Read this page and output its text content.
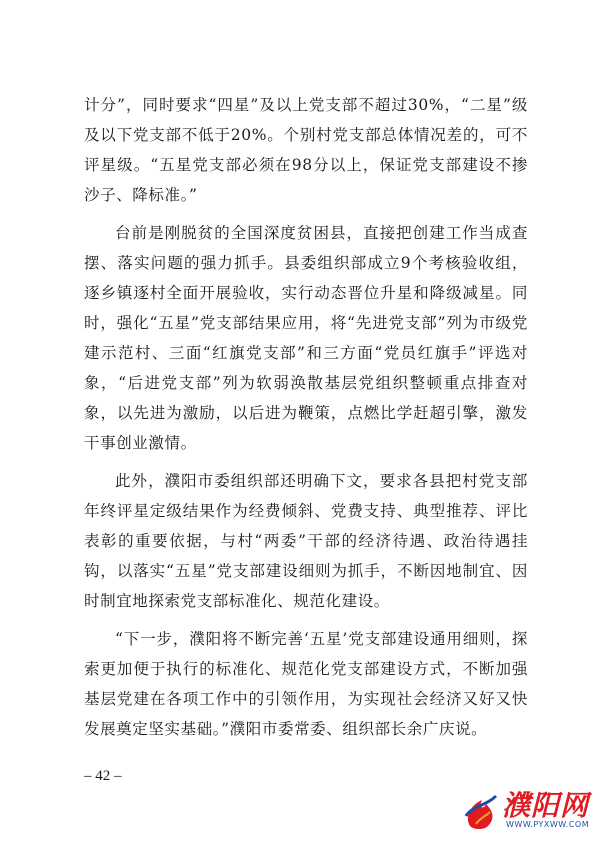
计分”，同时要求“四星”及以上党支部不超过30%，“二星”级及以下党支部不低于20%。个别村党支部总体情况差的，可不评星级。“五星党支部必须在98分以上，保证党支部建设不掺沙子、降标准。”

台前是刚脱贫的全国深度贫困县，直接把创建工作当成查摆、落实问题的强力抓手。县委组织部成立9个考核验收组，逐乡镇逐村全面开展验收，实行动态晋位升星和降级减星。同时，强化“五星”党支部结果应用，将“先进党支部”列为市级党建示范村、三面“红旗党支部”和三方面“党员红旗手”评选对象，“后进党支部”列为软弱涣散基层党组织整顿重点排查对象，以先进为激励，以后进为鞭策，点燃比学赶超引擎，激发干事创业激情。

此外，濮阳市委组织部还明确下文，要求各县把村党支部年终评星定级结果作为经费倾斜、党费支持、典型推荐、评比表彰的重要依据，与村“两委”干部的经济待遇、政治待遇挂钩，以落实“五星”党支部建设细则为抓手，不断因地制宜、因时制宜地探索党支部标准化、规范化建设。

“下一步，濮阳将不断完善‘五星’党支部建设通用细则，探索更加便于执行的标准化、规范化党支部建设方式，不断加强基层党建在各项工作中的引领作用，为实现社会经济又好又快发展奠定坚实基础。”濮阳市委常委、组织部长余广庆说。

– 42 –
濮阳网
WWW.PYXWW.COM
